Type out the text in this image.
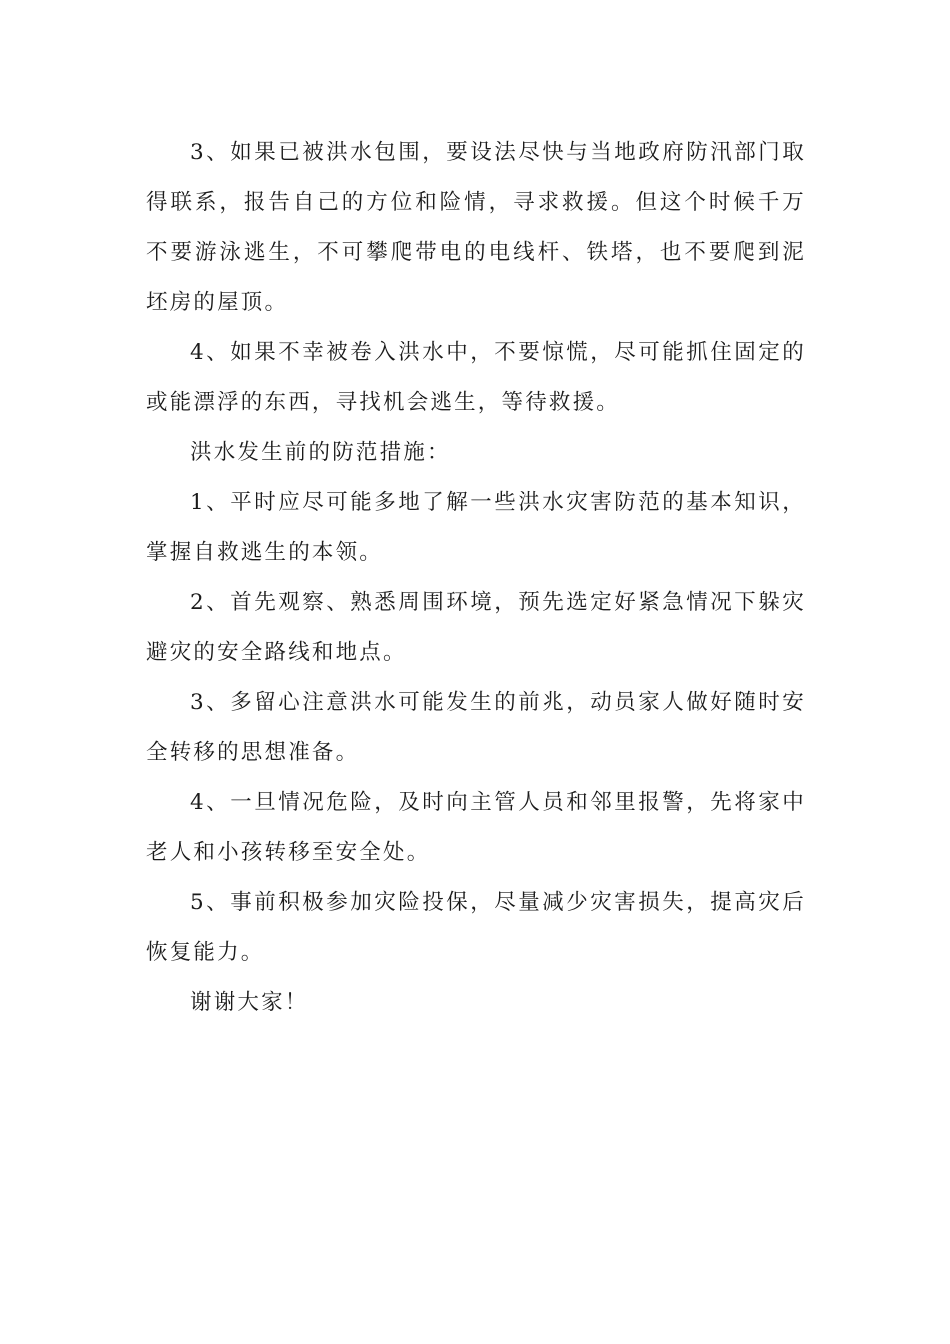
3、如果已被洪水包围，要设法尽快与当地政府防汛部门取得联系，报告自己的方位和险情，寻求救援。但这个时候千万不要游泳逃生，不可攀爬带电的电线杆、铁塔，也不要爬到泥坯房的屋顶。

4、如果不幸被卷入洪水中，不要惊慌，尽可能抓住固定的或能漂浮的东西，寻找机会逃生，等待救援。

洪水发生前的防范措施：

1、平时应尽可能多地了解一些洪水灾害防范的基本知识，掌握自救逃生的本领。

2、首先观察、熟悉周围环境，预先选定好紧急情况下躲灾避灾的安全路线和地点。

3、多留心注意洪水可能发生的前兆，动员家人做好随时安全转移的思想准备。

4、一旦情况危险，及时向主管人员和邻里报警，先将家中老人和小孩转移至安全处。

5、事前积极参加灾险投保，尽量减少灾害损失，提高灾后恢复能力。

谢谢大家！
